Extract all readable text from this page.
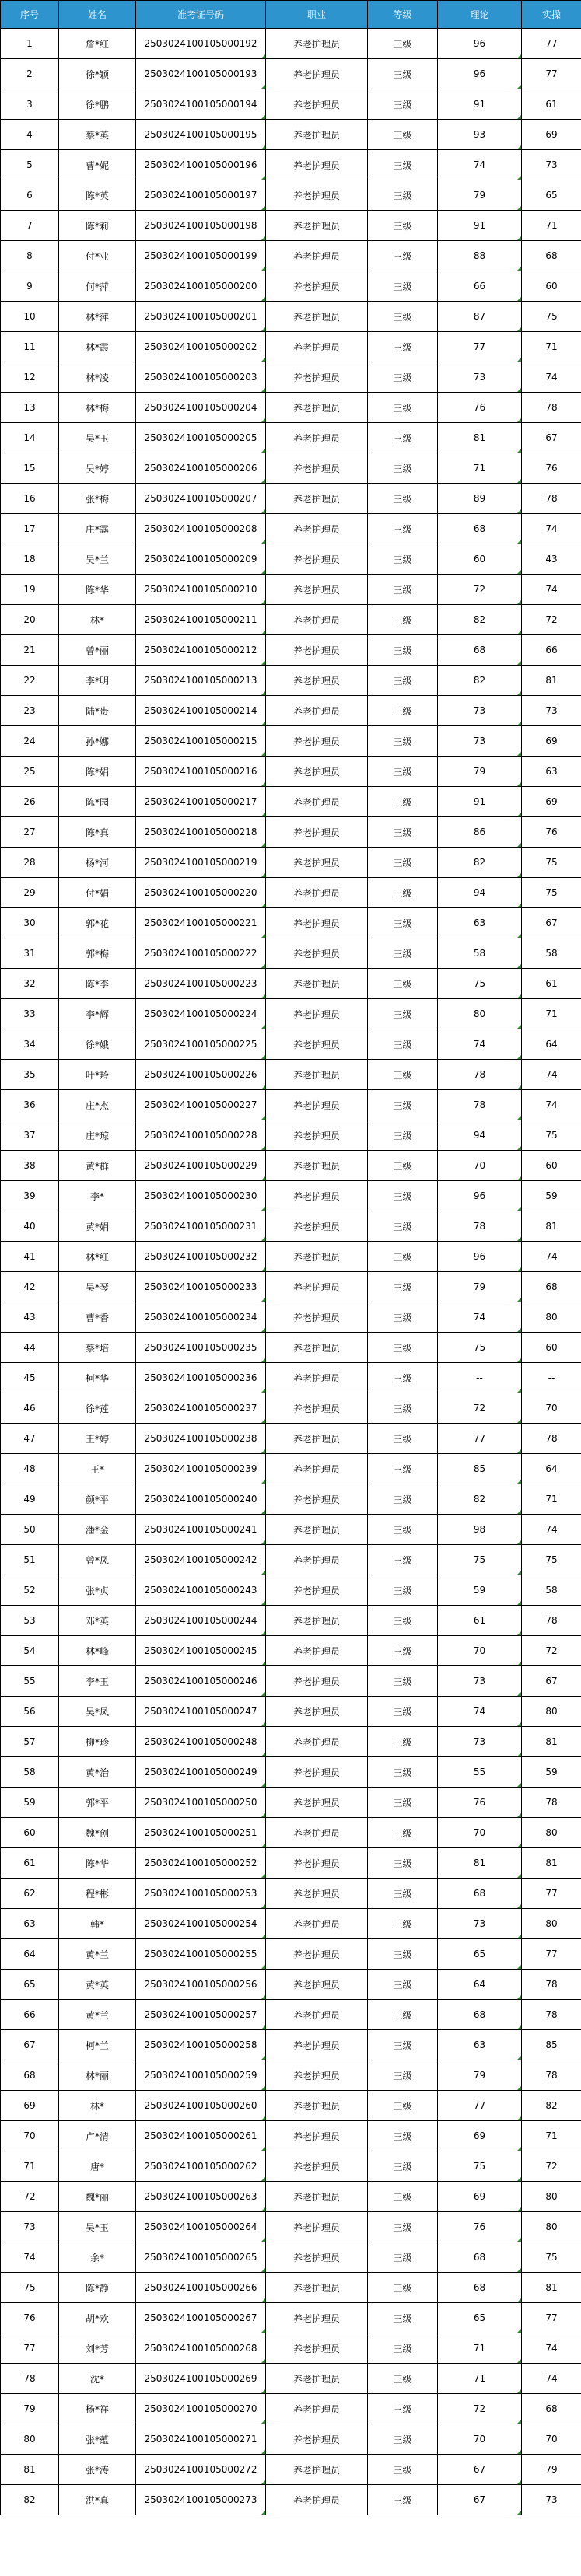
序号	姓名	准考证号码	职业	等级	理论	实操
1	詹*红	2503024100105000192	养老护理员	三级	96	77
2	徐*颖	2503024100105000193	养老护理员	三级	96	77
3	徐*鹏	2503024100105000194	养老护理员	三级	91	61
4	蔡*英	2503024100105000195	养老护理员	三级	93	69
5	曹*妮	2503024100105000196	养老护理员	三级	74	73
6	陈*英	2503024100105000197	养老护理员	三级	79	65
7	陈*莉	2503024100105000198	养老护理员	三级	91	71
8	付*业	2503024100105000199	养老护理员	三级	88	68
9	何*萍	2503024100105000200	养老护理员	三级	66	60
10	林*萍	2503024100105000201	养老护理员	三级	87	75
11	林*霞	2503024100105000202	养老护理员	三级	77	71
12	林*凌	2503024100105000203	养老护理员	三级	73	74
13	林*梅	2503024100105000204	养老护理员	三级	76	78
14	吴*玉	2503024100105000205	养老护理员	三级	81	67
15	吴*婷	2503024100105000206	养老护理员	三级	71	76
16	张*梅	2503024100105000207	养老护理员	三级	89	78
17	庄*露	2503024100105000208	养老护理员	三级	68	74
18	吴*兰	2503024100105000209	养老护理员	三级	60	43
19	陈*华	2503024100105000210	养老护理员	三级	72	74
20	林*	2503024100105000211	养老护理员	三级	82	72
21	曾*丽	2503024100105000212	养老护理员	三级	68	66
22	李*明	2503024100105000213	养老护理员	三级	82	81
23	陆*贵	2503024100105000214	养老护理员	三级	73	73
24	孙*娜	2503024100105000215	养老护理员	三级	73	69
25	陈*娟	2503024100105000216	养老护理员	三级	79	63
26	陈*园	2503024100105000217	养老护理员	三级	91	69
27	陈*真	2503024100105000218	养老护理员	三级	86	76
28	杨*河	2503024100105000219	养老护理员	三级	82	75
29	付*娟	2503024100105000220	养老护理员	三级	94	75
30	郭*花	2503024100105000221	养老护理员	三级	63	67
31	郭*梅	2503024100105000222	养老护理员	三级	58	58
32	陈*李	2503024100105000223	养老护理员	三级	75	61
33	李*辉	2503024100105000224	养老护理员	三级	80	71
34	徐*娥	2503024100105000225	养老护理员	三级	74	64
35	叶*羚	2503024100105000226	养老护理员	三级	78	74
36	庄*杰	2503024100105000227	养老护理员	三级	78	74
37	庄*琼	2503024100105000228	养老护理员	三级	94	75
38	黄*群	2503024100105000229	养老护理员	三级	70	60
39	李*	2503024100105000230	养老护理员	三级	96	59
40	黄*娟	2503024100105000231	养老护理员	三级	78	81
41	林*红	2503024100105000232	养老护理员	三级	96	74
42	吴*琴	2503024100105000233	养老护理员	三级	79	68
43	曹*香	2503024100105000234	养老护理员	三级	74	80
44	蔡*培	2503024100105000235	养老护理员	三级	75	60
45	柯*华	2503024100105000236	养老护理员	三级	--	--
46	徐*莲	2503024100105000237	养老护理员	三级	72	70
47	王*婷	2503024100105000238	养老护理员	三级	77	78
48	王*	2503024100105000239	养老护理员	三级	85	64
49	颜*平	2503024100105000240	养老护理员	三级	82	71
50	潘*金	2503024100105000241	养老护理员	三级	98	74
51	曾*凤	2503024100105000242	养老护理员	三级	75	75
52	张*贞	2503024100105000243	养老护理员	三级	59	58
53	邓*英	2503024100105000244	养老护理员	三级	61	78
54	林*峰	2503024100105000245	养老护理员	三级	70	72
55	李*玉	2503024100105000246	养老护理员	三级	73	67
56	吴*凤	2503024100105000247	养老护理员	三级	74	80
57	柳*珍	2503024100105000248	养老护理员	三级	73	81
58	黄*治	2503024100105000249	养老护理员	三级	55	59
59	郭*平	2503024100105000250	养老护理员	三级	76	78
60	魏*创	2503024100105000251	养老护理员	三级	70	80
61	陈*华	2503024100105000252	养老护理员	三级	81	81
62	程*彬	2503024100105000253	养老护理员	三级	68	77
63	韩*	2503024100105000254	养老护理员	三级	73	80
64	黄*兰	2503024100105000255	养老护理员	三级	65	77
65	黄*英	2503024100105000256	养老护理员	三级	64	78
66	黄*兰	2503024100105000257	养老护理员	三级	68	78
67	柯*兰	2503024100105000258	养老护理员	三级	63	85
68	林*丽	2503024100105000259	养老护理员	三级	79	78
69	林*	2503024100105000260	养老护理员	三级	77	82
70	卢*清	2503024100105000261	养老护理员	三级	69	71
71	唐*	2503024100105000262	养老护理员	三级	75	72
72	魏*丽	2503024100105000263	养老护理员	三级	69	80
73	吴*玉	2503024100105000264	养老护理员	三级	76	80
74	余*	2503024100105000265	养老护理员	三级	68	75
75	陈*静	2503024100105000266	养老护理员	三级	68	81
76	胡*欢	2503024100105000267	养老护理员	三级	65	77
77	刘*芳	2503024100105000268	养老护理员	三级	71	74
78	沈*	2503024100105000269	养老护理员	三级	71	74
79	杨*祥	2503024100105000270	养老护理员	三级	72	68
80	张*蕴	2503024100105000271	养老护理员	三级	70	70
81	张*涛	2503024100105000272	养老护理员	三级	67	79
82	洪*真	2503024100105000273	养老护理员	三级	67	73
